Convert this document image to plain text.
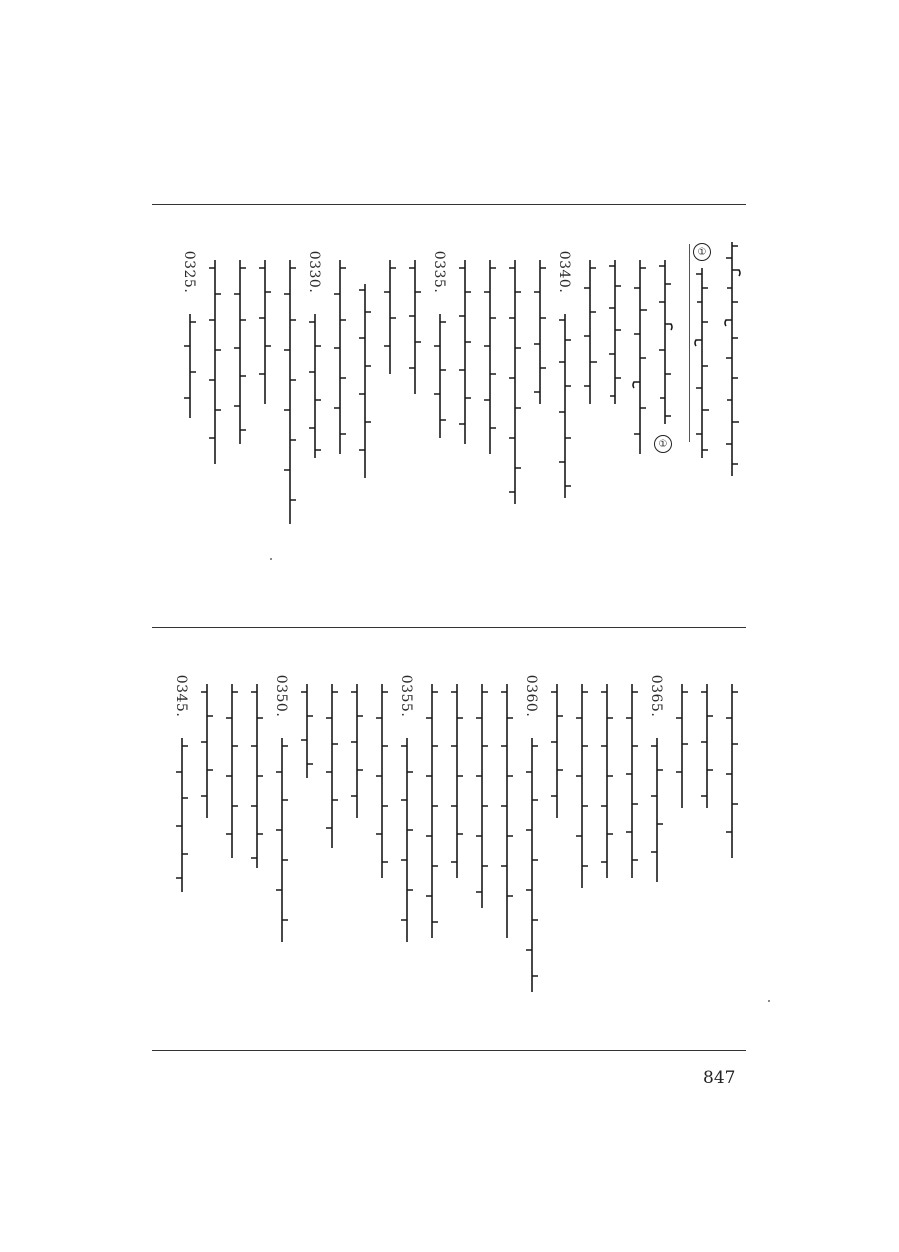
①
①
0340.
0335.
0330.
0325.
0365.
0360.
0355.
0350.
0345.
847
